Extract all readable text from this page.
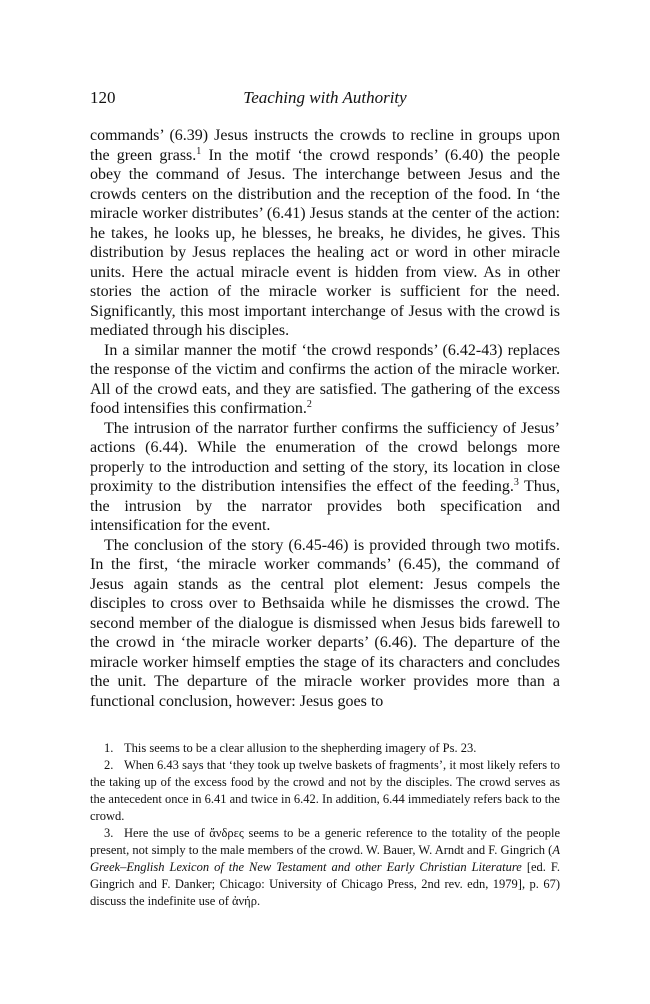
120	Teaching with Authority

commands’ (6.39) Jesus instructs the crowds to recline in groups upon the green grass.$^1$ In the motif ‘the crowd responds’ (6.40) the people obey the command of Jesus. The interchange between Jesus and the crowds centers on the distribution and the reception of the food. In ‘the miracle worker distributes’ (6.41) Jesus stands at the center of the action: he takes, he looks up, he blesses, he breaks, he divides, he gives. This distribution by Jesus replaces the healing act or word in other miracle units. Here the actual miracle event is hidden from view. As in other stories the action of the miracle worker is sufficient for the need. Significantly, this most important interchange of Jesus with the crowd is mediated through his disciples.

In a similar manner the motif ‘the crowd responds’ (6.42-43) replaces the response of the victim and confirms the action of the miracle worker. All of the crowd eats, and they are satisfied. The gathering of the excess food intensifies this confirmation.$^2$

The intrusion of the narrator further confirms the sufficiency of Jesus’ actions (6.44). While the enumeration of the crowd belongs more properly to the introduction and setting of the story, its location in close proximity to the distribution intensifies the effect of the feeding.$^3$ Thus, the intrusion by the narrator provides both specification and intensification for the event.

The conclusion of the story (6.45-46) is provided through two motifs. In the first, ‘the miracle worker commands’ (6.45), the command of Jesus again stands as the central plot element: Jesus compels the disciples to cross over to Bethsaida while he dismisses the crowd. The second member of the dialogue is dismissed when Jesus bids farewell to the crowd in ‘the miracle worker departs’ (6.46). The departure of the miracle worker himself empties the stage of its characters and concludes the unit. The departure of the miracle worker provides more than a functional conclusion, however: Jesus goes to

1. This seems to be a clear allusion to the shepherding imagery of Ps. 23.

2. When 6.43 says that ‘they took up twelve baskets of fragments’, it most likely refers to the taking up of the excess food by the crowd and not by the disciples. The crowd serves as the antecedent once in 6.41 and twice in 6.42. In addition, 6.44 immediately refers back to the crowd.

3. Here the use of ἄνδρες seems to be a generic reference to the totality of the people present, not simply to the male members of the crowd. W. Bauer, W. Arndt and F. Gingrich (A Greek–English Lexicon of the New Testament and other Early Christian Literature [ed. F. Gingrich and F. Danker; Chicago: University of Chicago Press, 2nd rev. edn, 1979], p. 67) discuss the indefinite use of ἀνήρ.
